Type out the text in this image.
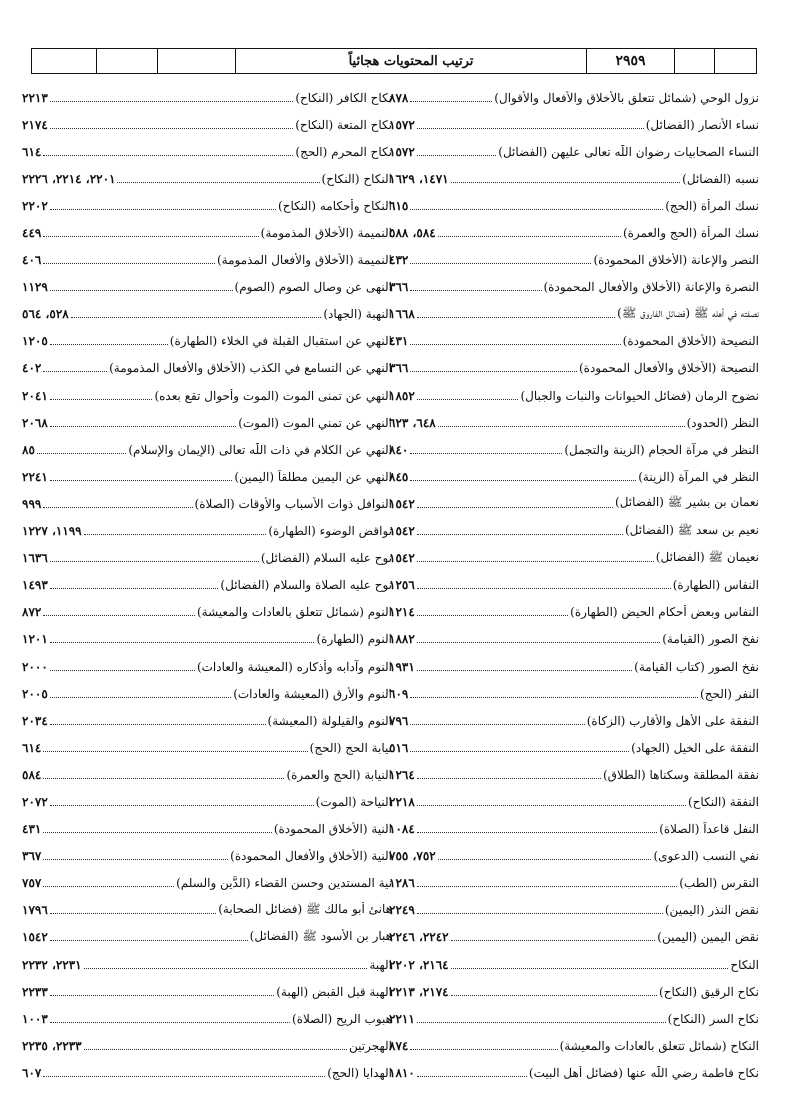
ترتيب المحتويات هجائياً	٢٩٥٩
نزول الوحي (شمائل تتعلق بالأخلاق والأفعال والأقوال)
٨٧٨
نساء الأنصار (الفضائل)
١٥٧٢
النساء الصحابيات رضوان اللّٰه تعالى عليهن (الفضائل)
١٥٧٢
نسبه (الفضائل)
١٤٧١، ١٦٢٩
نسك المرأة (الحج)
٦١٥
نسك المرأة (الحج والعمرة)
٥٨٤، ٥٨٨
النصر والإعانة (الأخلاق المحمودة)
٤٣٢
النصرة والإعانة (الأخلاق والأفعال المحمودة)
٣٦٦
نصفته في أهله ﷺ (فضائل الفاروق ﷺ)
١٦٦٨
النصيحة (الأخلاق المحمودة)
٤٣١
النصيحة (الأخلاق والأفعال المحمودة)
٣٦٦
نضوح الرمان (فضائل الحيوانات والنبات والجبال)
١٨٥٢
النظر (الحدود)
٦٤٨، ٦٢٣
النظر في مرآة الحجام (الزينة والتجمل)
٨٤٠
النظر في المرآة (الزينة)
٨٤٥
نعمان بن بشير ﷺ (الفضائل)
١٥٤٢
نعيم بن سعد ﷺ (الفضائل)
١٥٤٢
نعيمان ﷺ (الفضائل)
١٥٤٢
النفاس (الطهارة)
١٢٥٦
النفاس وبعض أحكام الحيض (الطهارة)
١٢١٤
نفخ الصور (القيامة)
١٨٨٢
نفخ الصور (كتاب القيامة)
١٩٣١
النفر (الحج)
٦٠٩
النفقة على الأهل والأقارب (الزكاة)
٧٩٦
النفقة على الخيل (الجهاد)
٥١٦
نفقة المطلقة وسكناها (الطلاق)
١٢٦٤
النفقة (النكاح)
٢٢١٨
النفل قاعداً (الصلاة)
١٠٨٤
نفي النسب (الدعوى)
٧٥٢، ٧٥٥
النقرس (الطب)
١٢٨٦
نقض النذر (اليمين)
٢٢٤٩
نقض اليمين (اليمين)
٢٢٤٢، ٢٢٤٦
النكاح
٢١٦٤، ٢٢٠٢
نكاح الرقيق (النكاح)
٢١٧٤، ٢٢١٣
نكاح السر (النكاح)
٢٢١١
النكاح (شمائل تتعلق بالعادات والمعيشة)
٨٧٤
نكاح فاطمة رضي اللّٰه عنها (فضائل أهل البيت)
١٨١٠
نكاح الكافر (النكاح)
٢٢١٣
نكاح المتعة (النكاح)
٢١٧٤
نكاح المحرم (الحج)
٦١٤
النكاح (النكاح)
٢٢٠١، ٢٢١٤، ٢٢٢٦
النكاح وأحكامه (النكاح)
٢٢٠٢
النميمة (الأخلاق المذمومة)
٤٤٩
النميمة (الأخلاق والأفعال المذمومة)
٤٠٦
النهى عن وصال الصوم (الصوم)
١١٢٩
النهبة (الجهاد)
٥٢٨، ٥٦٤
النهي عن استقبال القبلة في الخلاء (الطهارة)
١٢٠٥
النهي عن التسامع في الكذب (الأخلاق والأفعال المذمومة)
٤٠٢
النهي عن تمنى الموت (الموت وأحوال تقع بعده)
٢٠٤١
النهي عن تمني الموت (الموت)
٢٠٦٨
النهي عن الكلام في ذات اللّٰه تعالى (الإيمان والإسلام)
٨٥
النهي عن اليمين مطلقاً (اليمين)
٢٢٤١
النوافل ذوات الأسباب والأوقات (الصلاة)
٩٩٩
نواقض الوضوء (الطهارة)
١١٩٩، ١٢٢٧
نوح عليه السلام (الفضائل)
١٦٣٦
نوح عليه الصلاة والسلام (الفضائل)
١٤٩٣
النوم (شمائل تتعلق بالعادات والمعيشة)
٨٧٢
النوم (الطهارة)
١٢٠١
النوم وآدابه وأذكاره (المعيشة والعادات)
٢٠٠٠
النوم والأرق (المعيشة والعادات)
٢٠٠٥
النوم والقيلولة (المعيشة)
٢٠٣٤
نيابة الحج (الحج)
٦١٤
النيابة (الحج والعمرة)
٥٨٤
النياحة (الموت)
٢٠٧٢
النية (الأخلاق المحمودة)
٤٣١
النية (الأخلاق والأفعال المحمودة)
٣٦٧
نية المستدين وحسن القضاء (الدَّين والسلم)
٧٥٧
هانئ أبو مالك ﷺ (فضائل الصحابة)
١٧٩٦
هبار بن الأسود ﷺ (الفضائل)
١٥٤٢
الهبة
٢٢٣١، ٢٢٣٢
الهبة قبل القبض (الهبة)
٢٢٣٣
هبوب الريح (الصلاة)
١٠٠٣
الهجرتين
٢٢٣٣، ٢٢٣٥
الهدايا (الحج)
٦٠٧
